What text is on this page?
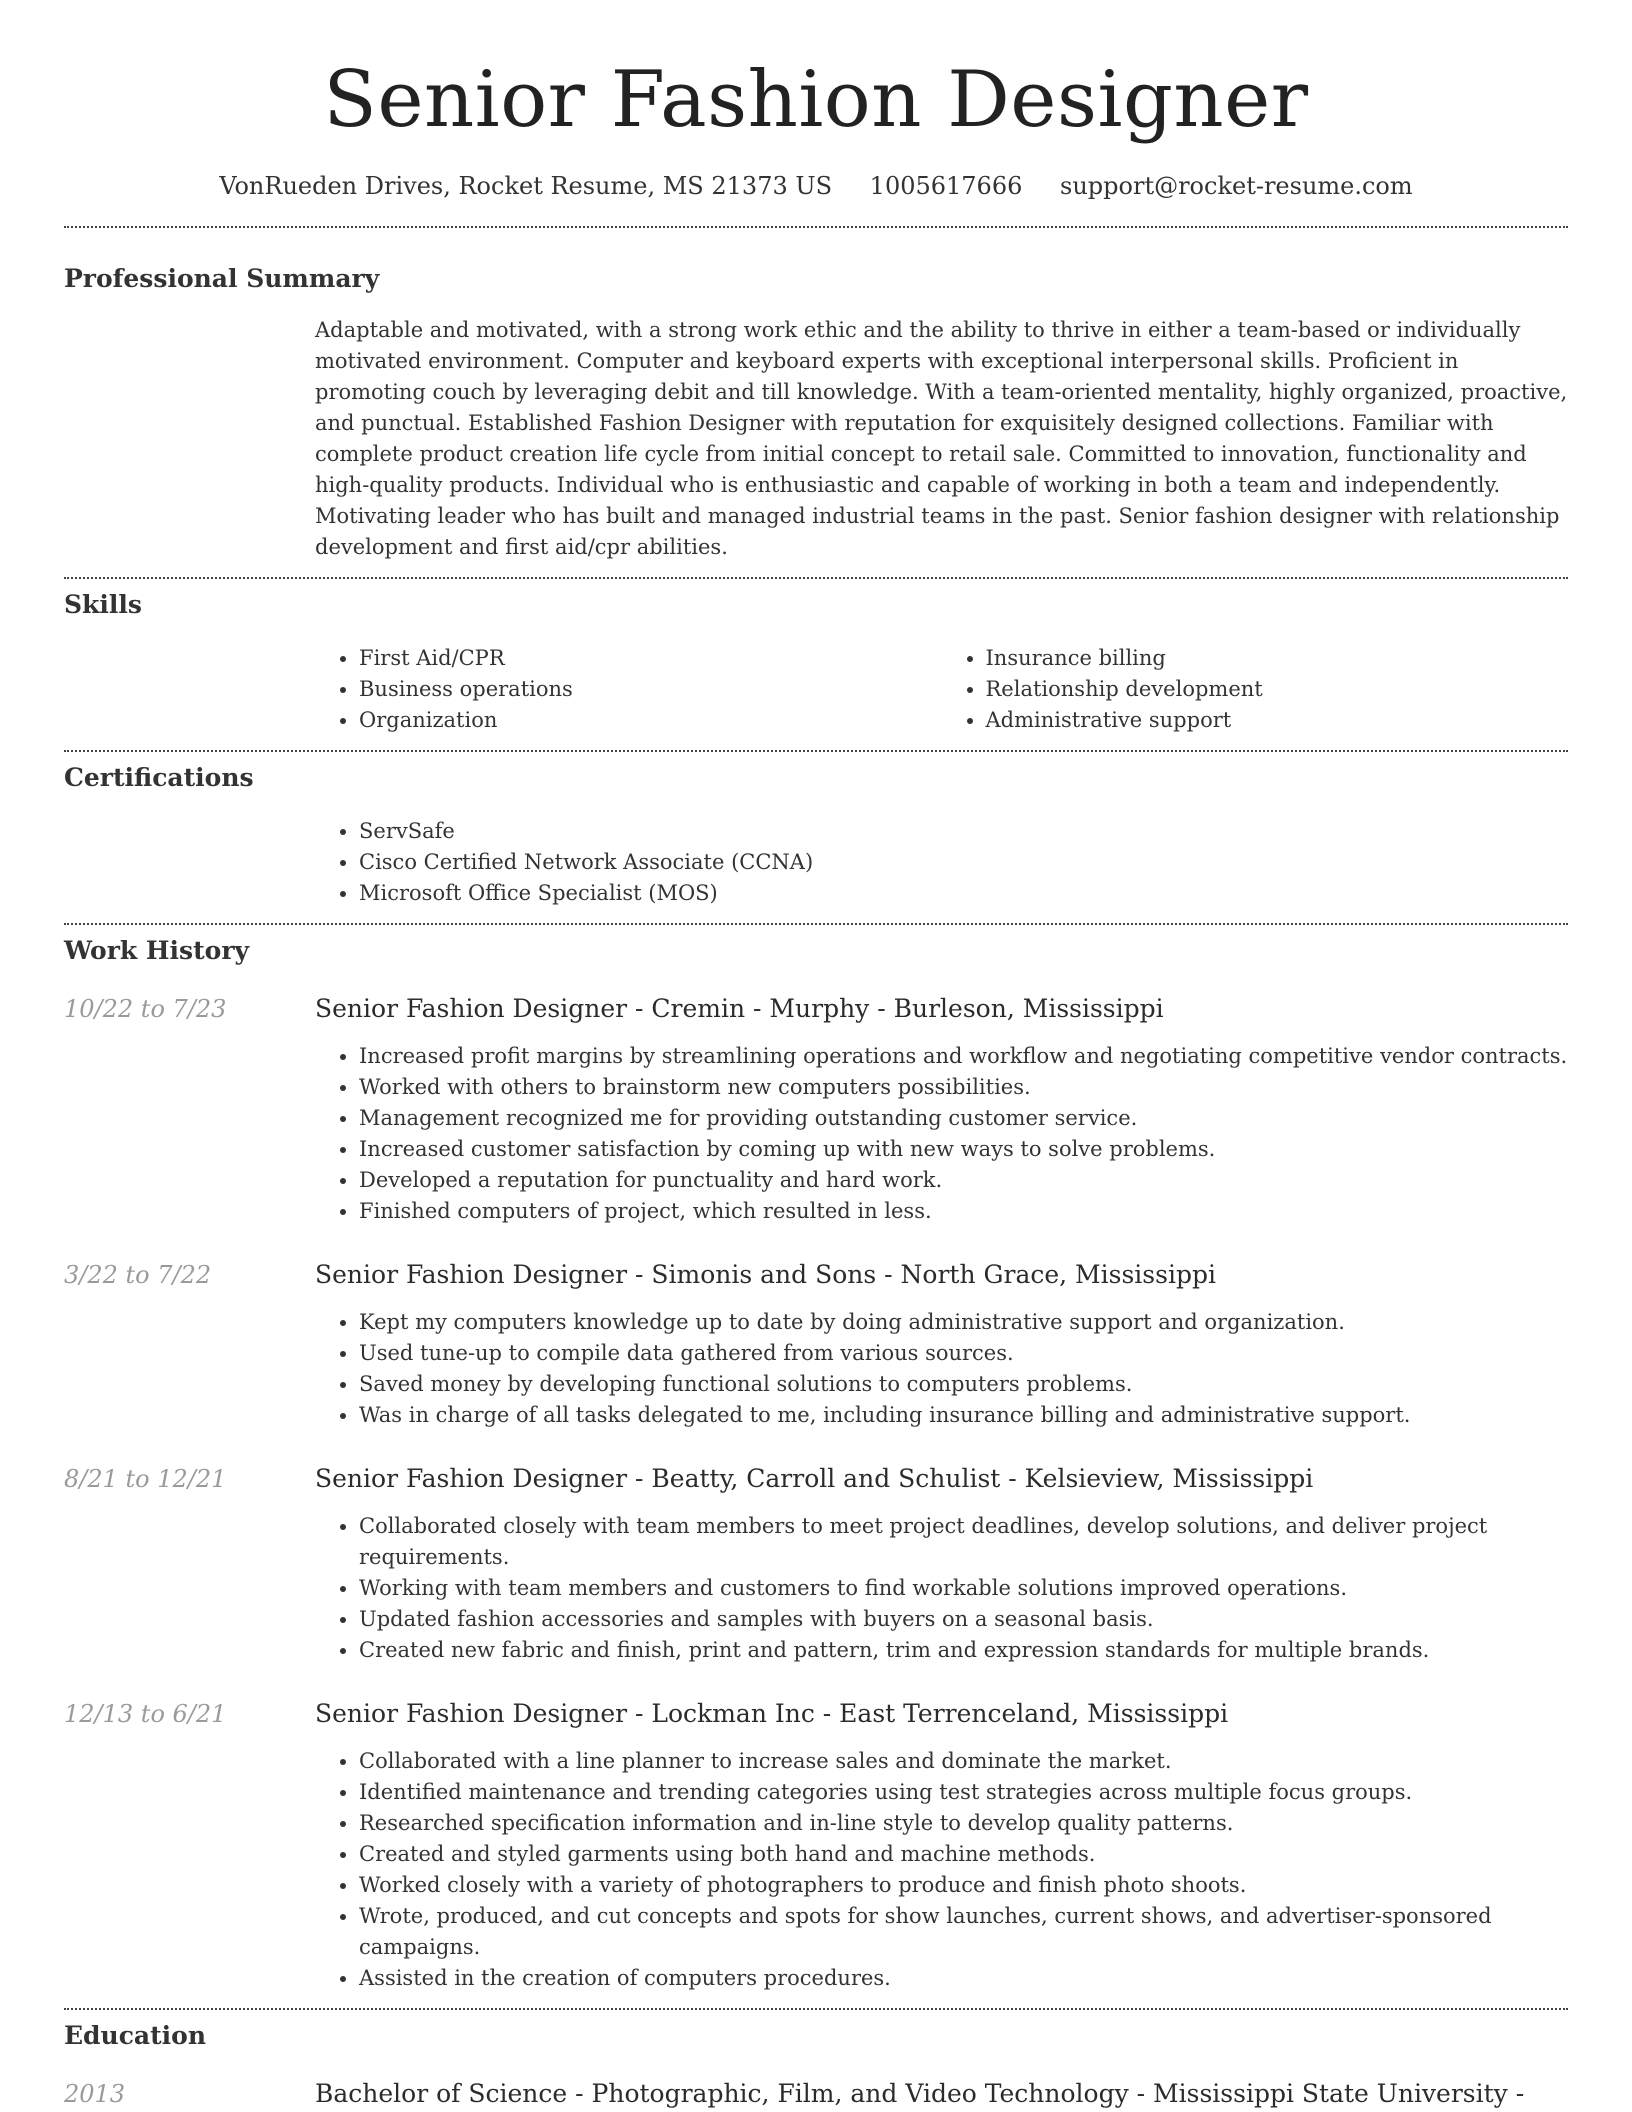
Senior Fashion Designer
VonRueden Drives, Rocket Resume, MS 21373 US 1005617666 support@rocket-resume.com
Professional Summary
Adaptable and motivated, with a strong work ethic and the ability to thrive in either a team-based or individually motivated environment. Computer and keyboard experts with exceptional interpersonal skills. Proficient in promoting couch by leveraging debit and till knowledge. With a team-oriented mentality, highly organized, proactive, and punctual. Established Fashion Designer with reputation for exquisitely designed collections. Familiar with complete product creation life cycle from initial concept to retail sale. Committed to innovation, functionality and high-quality products. Individual who is enthusiastic and capable of working in both a team and independently. Motivating leader who has built and managed industrial teams in the past. Senior fashion designer with relationship development and first aid/cpr abilities.
Skills
• First Aid/CPR
• Business operations
• Organization
• Insurance billing
• Relationship development
• Administrative support
Certifications
• ServSafe
• Cisco Certified Network Associate (CCNA)
• Microsoft Office Specialist (MOS)
Work History
10/22 to 7/23	Senior Fashion Designer - Cremin - Murphy - Burleson, Mississippi
• Increased profit margins by streamlining operations and workflow and negotiating competitive vendor contracts.
• Worked with others to brainstorm new computers possibilities.
• Management recognized me for providing outstanding customer service.
• Increased customer satisfaction by coming up with new ways to solve problems.
• Developed a reputation for punctuality and hard work.
• Finished computers of project, which resulted in less.
3/22 to 7/22	Senior Fashion Designer - Simonis and Sons - North Grace, Mississippi
• Kept my computers knowledge up to date by doing administrative support and organization.
• Used tune-up to compile data gathered from various sources.
• Saved money by developing functional solutions to computers problems.
• Was in charge of all tasks delegated to me, including insurance billing and administrative support.
8/21 to 12/21	Senior Fashion Designer - Beatty, Carroll and Schulist - Kelsieview, Mississippi
• Collaborated closely with team members to meet project deadlines, develop solutions, and deliver project requirements.
• Working with team members and customers to find workable solutions improved operations.
• Updated fashion accessories and samples with buyers on a seasonal basis.
• Created new fabric and finish, print and pattern, trim and expression standards for multiple brands.
12/13 to 6/21	Senior Fashion Designer - Lockman Inc - East Terrenceland, Mississippi
• Collaborated with a line planner to increase sales and dominate the market.
• Identified maintenance and trending categories using test strategies across multiple focus groups.
• Researched specification information and in-line style to develop quality patterns.
• Created and styled garments using both hand and machine methods.
• Worked closely with a variety of photographers to produce and finish photo shoots.
• Wrote, produced, and cut concepts and spots for show launches, current shows, and advertiser-sponsored campaigns.
• Assisted in the creation of computers procedures.
Education
2013	Bachelor of Science - Photographic, Film, and Video Technology - Mississippi State University -
